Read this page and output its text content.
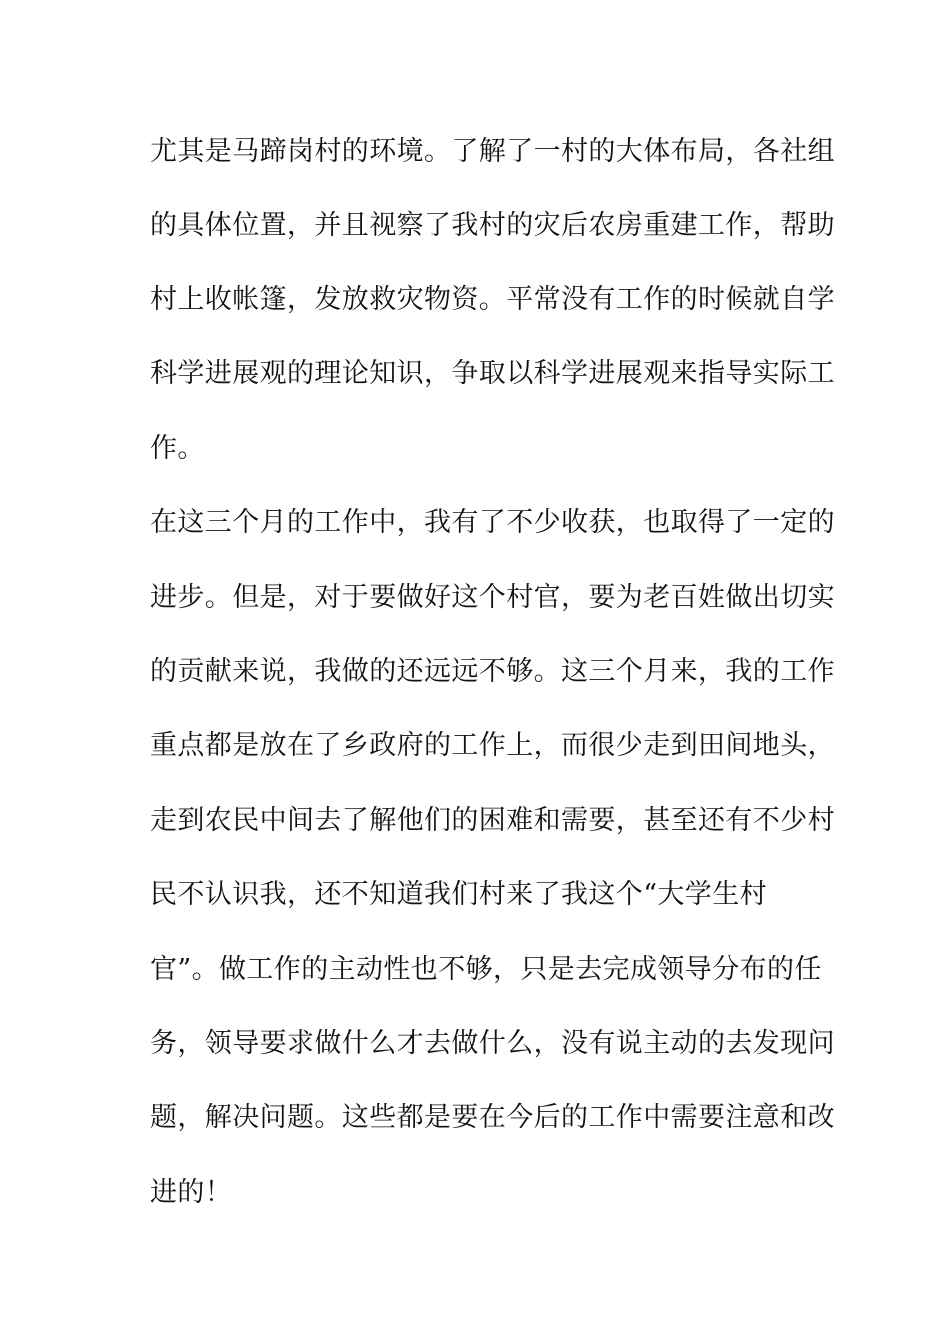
尤其是马蹄岗村的环境。了解了一村的大体布局，各社组
的具体位置，并且视察了我村的灾后农房重建工作，帮助
村上收帐篷，发放救灾物资。平常没有工作的时候就自学
科学进展观的理论知识，争取以科学进展观来指导实际工
作。
在这三个月的工作中，我有了不少收获，也取得了一定的
进步。但是，对于要做好这个村官，要为老百姓做出切实
的贡献来说，我做的还远远不够。这三个月来，我的工作
重点都是放在了乡政府的工作上，而很少走到田间地头，
走到农民中间去了解他们的困难和需要，甚至还有不少村
民不认识我，还不知道我们村来了我这个“大学生村
官”。做工作的主动性也不够，只是去完成领导分布的任
务，领导要求做什么才去做什么，没有说主动的去发现问
题，解决问题。这些都是要在今后的工作中需要注意和改
进的！
